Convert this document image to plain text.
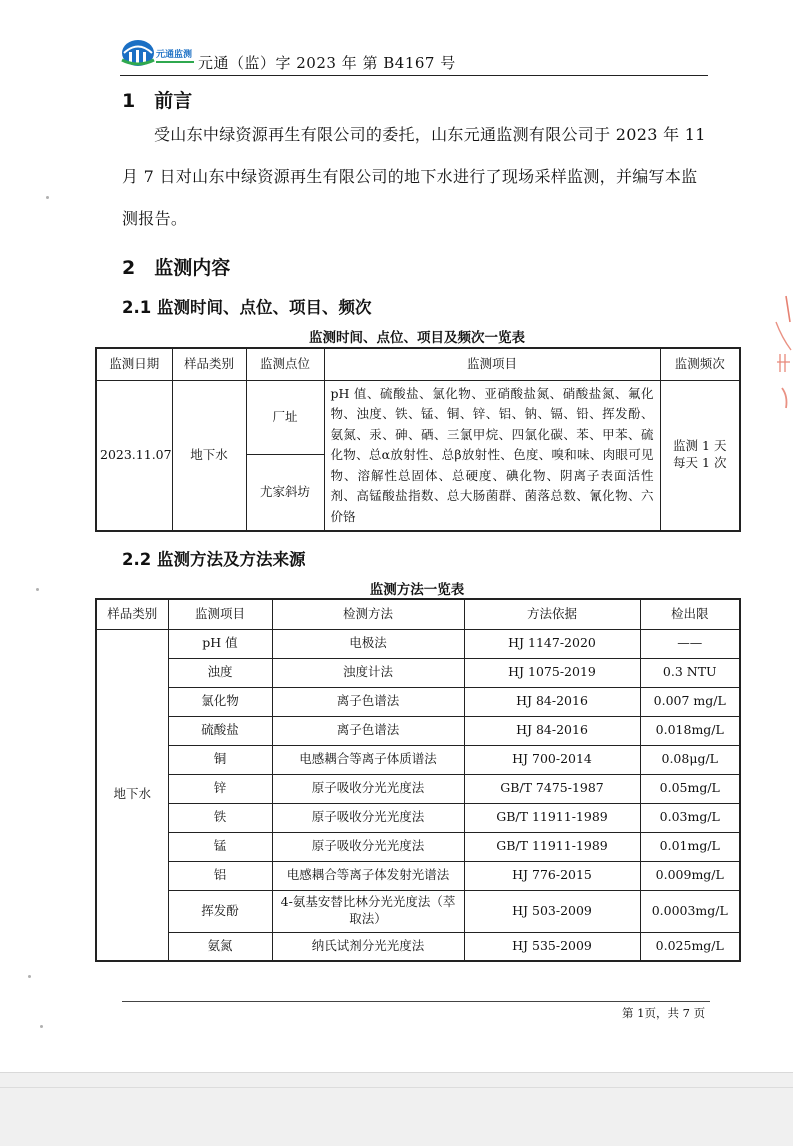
元通监测 元通（监）字 2023 年 第 B4167 号
1　前言
受山东中绿资源再生有限公司的委托，山东元通监测有限公司于 2023 年 11 月 7 日对山东中绿资源再生有限公司的地下水进行了现场采样监测，并编写本监测报告。
2　监测内容
2.1 监测时间、点位、项目、频次
监测时间、点位、项目及频次一览表
监测日期	样品类别	监测点位	监测项目	监测频次
2023.11.07	地下水	厂址	pH 值、硫酸盐、氯化物、亚硝酸盐氮、硝酸盐氮、氟化物、浊度、铁、锰、铜、锌、铝、钠、镉、铅、挥发酚、氨氮、汞、砷、硒、三氯甲烷、四氯化碳、苯、甲苯、硫化物、总α放射性、总β放射性、色度、嗅和味、肉眼可见物、溶解性总固体、总硬度、碘化物、阴离子表面活性剂、高锰酸盐指数、总大肠菌群、菌落总数、氰化物、六价铬	监测 1 天
每天 1 次

		尤家斜坊		
2.2 监测方法及方法来源
监测方法一览表
样品类别	监测项目	检测方法	方法依据	检出限
地下水	pH 值	电极法	HJ 1147-2020	——
	浊度	浊度计法	HJ 1075-2019	0.3 NTU
	氯化物	离子色谱法	HJ 84-2016	0.007 mg/L
	硫酸盐	离子色谱法	HJ 84-2016	0.018mg/L
	铜	电感耦合等离子体质谱法	HJ 700-2014	0.08μg/L
	锌	原子吸收分光光度法	GB/T 7475-1987	0.05mg/L
	铁	原子吸收分光光度法	GB/T 11911-1989	0.03mg/L
	锰	原子吸收分光光度法	GB/T 11911-1989	0.01mg/L
	铝	电感耦合等离子体发射光谱法	HJ 776-2015	0.009mg/L
	挥发酚	4-氨基安替比林分光光度法（萃取法）	HJ 503-2009	0.0003mg/L
	氨氮	纳氏试剂分光光度法	HJ 535-2009	0.025mg/L
第 1页，共 7 页
